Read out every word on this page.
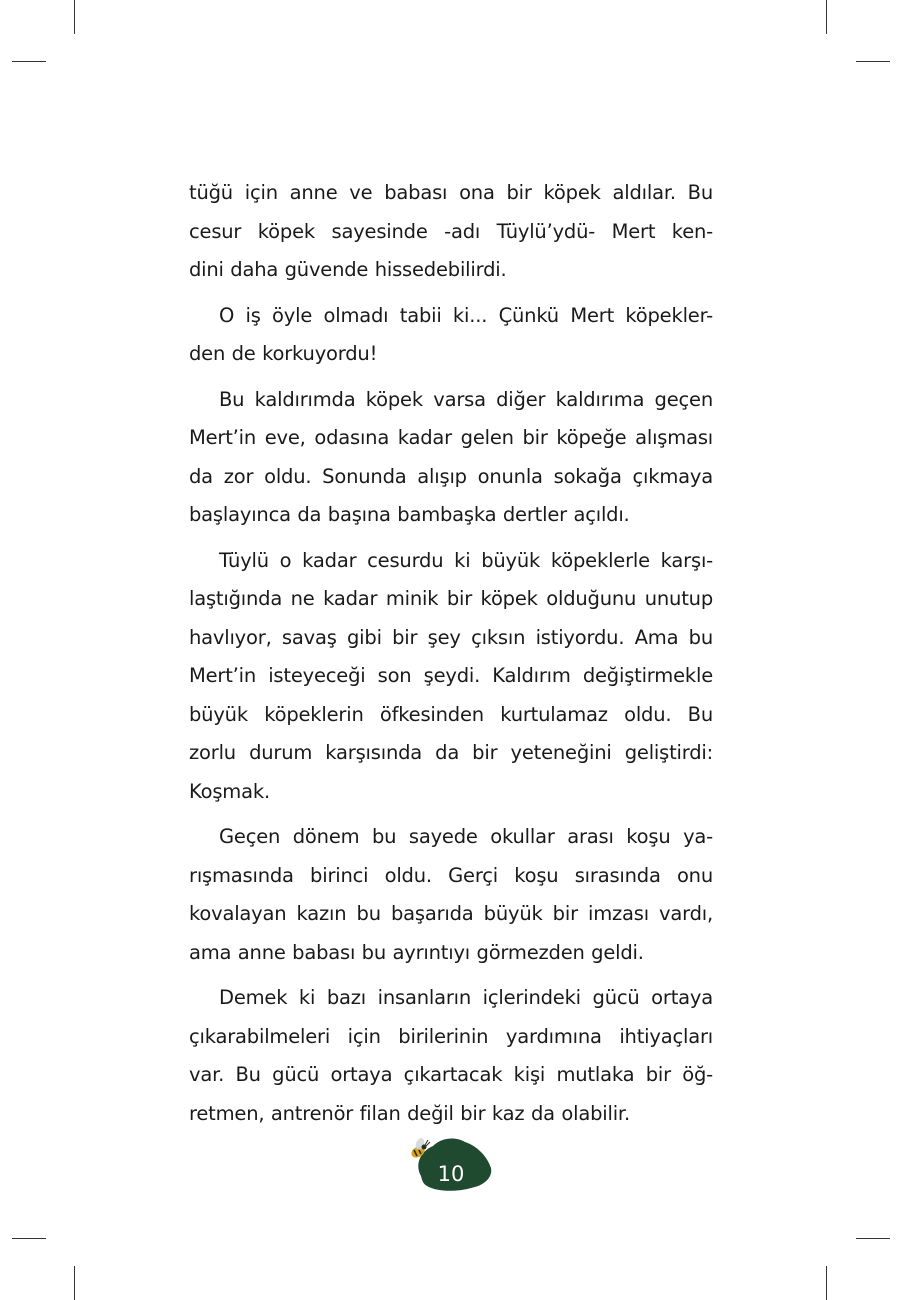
tüğü için anne ve babası ona bir köpek aldılar. Bu
cesur köpek sayesinde -adı Tüylü’ydü- Mert ken-
dini daha güvende hissedebilirdi.

O iş öyle olmadı tabii ki... Çünkü Mert köpekler-
den de korkuyordu!

Bu kaldırımda köpek varsa diğer kaldırıma geçen
Mert’in eve, odasına kadar gelen bir köpeğe alışması
da zor oldu. Sonunda alışıp onunla sokağa çıkmaya
başlayınca da başına bambaşka dertler açıldı.

Tüylü o kadar cesurdu ki büyük köpeklerle karşı-
laştığında ne kadar minik bir köpek olduğunu unutup
havlıyor, savaş gibi bir şey çıksın istiyordu. Ama bu
Mert’in isteyeceği son şeydi. Kaldırım değiştirmekle
büyük köpeklerin öfkesinden kurtulamaz oldu. Bu
zorlu durum karşısında da bir yeteneğini geliştirdi:
Koşmak.

Geçen dönem bu sayede okullar arası koşu ya-
rışmasında birinci oldu. Gerçi koşu sırasında onu
kovalayan kazın bu başarıda büyük bir imzası vardı,
ama anne babası bu ayrıntıyı görmezden geldi.

Demek ki bazı insanların içlerindeki gücü ortaya
çıkarabilmeleri için birilerinin yardımına ihtiyaçları
var. Bu gücü ortaya çıkartacak kişi mutlaka bir öğ-
retmen, antrenör filan değil bir kaz da olabilir.

10
